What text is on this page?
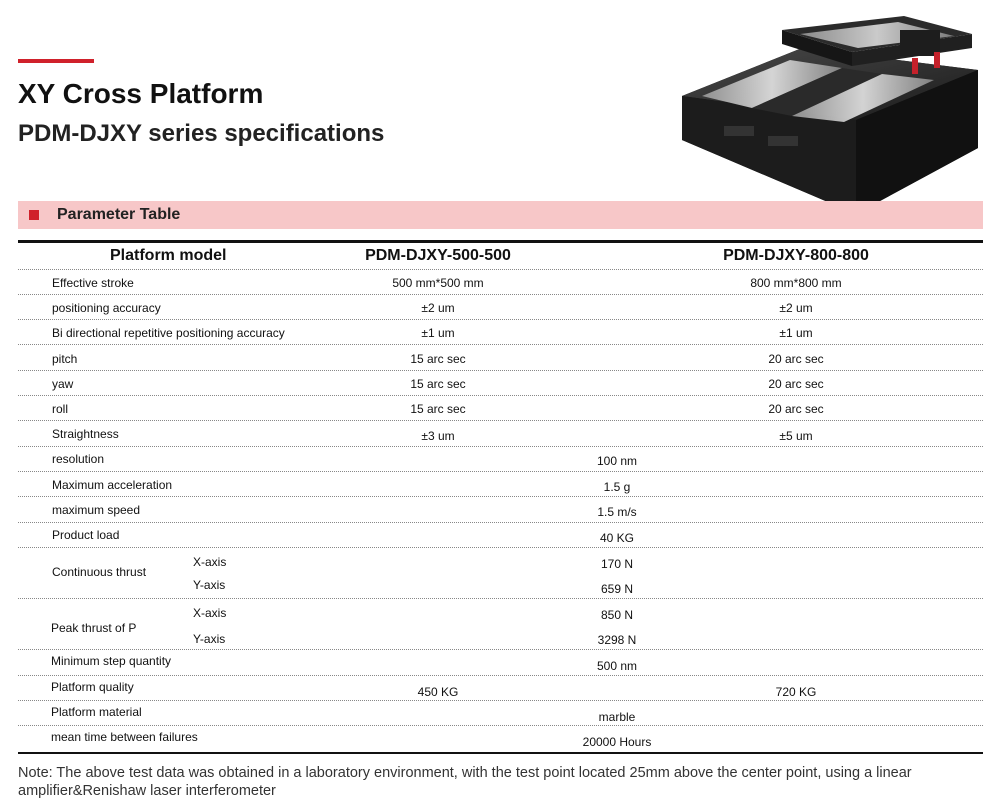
XY Cross Platform
PDM-DJXY series specifications
Parameter Table
Platform model	PDM-DJXY-500-500	PDM-DJXY-800-800
Effective stroke	500 mm*500 mm	800 mm*800 mm
positioning accuracy	±2 um	±2 um
Bi directional repetitive positioning accuracy	±1 um	±1 um
pitch	15 arc sec	20 arc sec
yaw	15 arc sec	20 arc sec
roll	15 arc sec	20 arc sec
Straightness	±3 um	±5 um
resolution	100 nm
Maximum acceleration	1.5 g
maximum speed	1.5 m/s
Product load	40 KG
Continuous thrust
X-axis	170 N
Y-axis	659 N
Peak thrust of P
X-axis	850 N
Y-axis	3298 N
Minimum step quantity	500 nm
Platform quality	450 KG	720 KG
Platform material	marble
mean time between failures	20000 Hours
Note: The above test data was obtained in a laboratory environment, with the test point located 25mm above the center point, using a linear amplifier&Renishaw laser interferometer
